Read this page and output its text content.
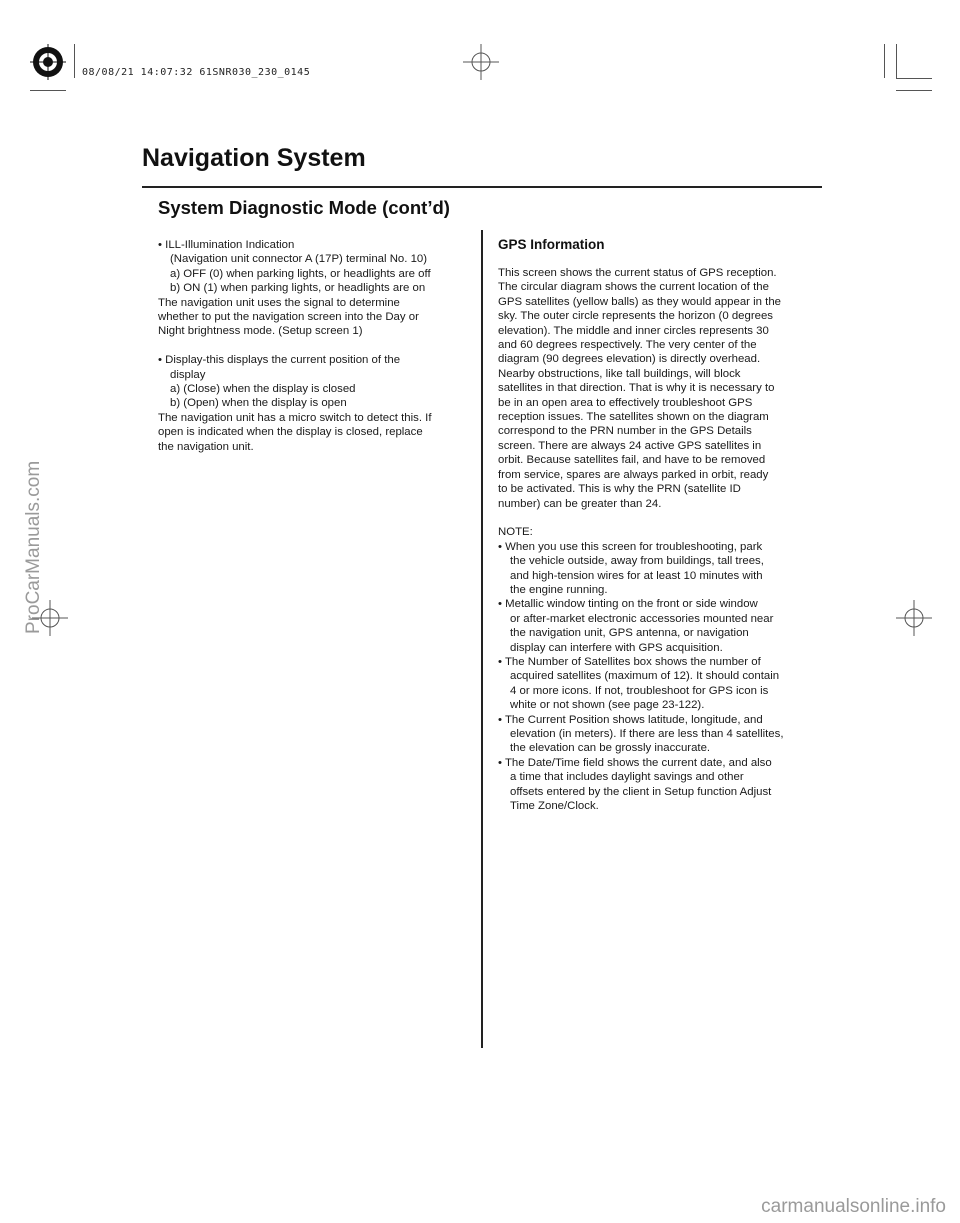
08/08/21 14:07:32 61SNR030_230_0145
Navigation System
System Diagnostic Mode (cont’d)
• ILL-Illumination Indication
(Navigation unit connector A (17P) terminal No. 10)
a) OFF (0) when parking lights, or headlights are off
b) ON (1) when parking lights, or headlights are on
The navigation unit uses the signal to determine
whether to put the navigation screen into the Day or
Night brightness mode. (Setup screen 1)
• Display-this displays the current position of the
display
a) (Close) when the display is closed
b) (Open) when the display is open
The navigation unit has a micro switch to detect this. If
open is indicated when the display is closed, replace
the navigation unit.
GPS Information
This screen shows the current status of GPS reception.
The circular diagram shows the current location of the
GPS satellites (yellow balls) as they would appear in the
sky. The outer circle represents the horizon (0 degrees
elevation). The middle and inner circles represents 30
and 60 degrees respectively. The very center of the
diagram (90 degrees elevation) is directly overhead.
Nearby obstructions, like tall buildings, will block
satellites in that direction. That is why it is necessary to
be in an open area to effectively troubleshoot GPS
reception issues. The satellites shown on the diagram
correspond to the PRN number in the GPS Details
screen. There are always 24 active GPS satellites in
orbit. Because satellites fail, and have to be removed
from service, spares are always parked in orbit, ready
to be activated. This is why the PRN (satellite ID
number) can be greater than 24.
NOTE:
• When you use this screen for troubleshooting, park
the vehicle outside, away from buildings, tall trees,
and high-tension wires for at least 10 minutes with
the engine running.
• Metallic window tinting on the front or side window
or after-market electronic accessories mounted near
the navigation unit, GPS antenna, or navigation
display can interfere with GPS acquisition.
• The Number of Satellites box shows the number of
acquired satellites (maximum of 12). It should contain
4 or more icons. If not, troubleshoot for GPS icon is
white or not shown (see page 23-122).
• The Current Position shows latitude, longitude, and
elevation (in meters). If there are less than 4 satellites,
the elevation can be grossly inaccurate.
• The Date/Time field shows the current date, and also
a time that includes daylight savings and other
offsets entered by the client in Setup function Adjust
Time Zone/Clock.
ProCarManuals.com
carmanualsonline.info
